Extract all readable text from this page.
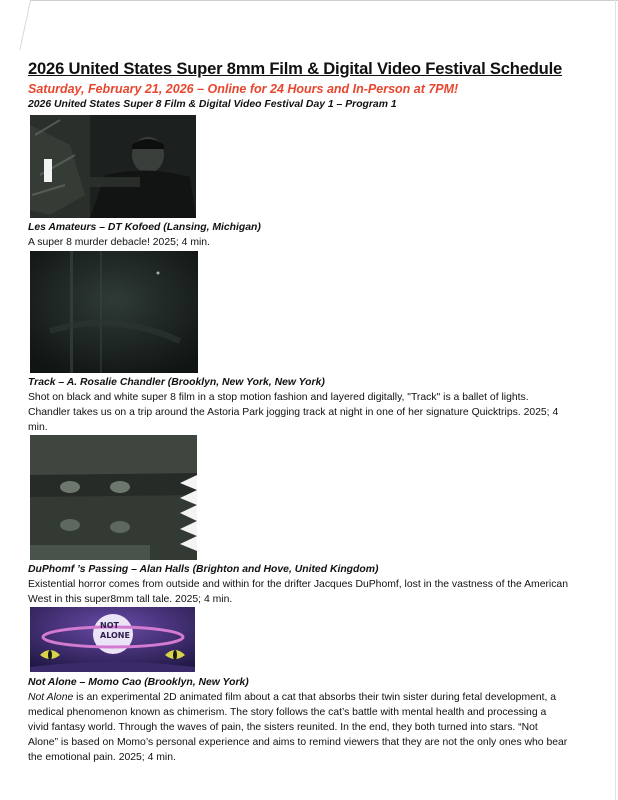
2026 United States Super 8mm Film & Digital Video Festival Schedule
Saturday, February 21, 2026 – Online for 24 Hours and In-Person at 7PM!
2026 United States Super 8 Film & Digital Video Festival Day 1 – Program 1
Les Amateurs – DT Kofoed (Lansing, Michigan)
A super 8 murder debacle! 2025; 4 min.
Track – A. Rosalie Chandler (Brooklyn, New York, New York)
Shot on black and white super 8 film in a stop motion fashion and layered digitally, "Track" is a ballet of lights. Chandler takes us on a trip around the Astoria Park jogging track at night in one of her signature Quicktrips. 2025; 4 min.
DuPhomf ’s Passing – Alan Halls (Brighton and Hove, United Kingdom)
Existential horror comes from outside and within for the drifter Jacques DuPhomf, lost in the vastness of the American West in this super8mm tall tale. 2025; 4 min.
NOT
ALONE
Not Alone – Momo Cao (Brooklyn, New York)
Not Alone is an experimental 2D animated film about a cat that absorbs their twin sister during fetal development, a medical phenomenon known as chimerism. The story follows the cat’s battle with mental health and processing a vivid fantasy world. Through the waves of pain, the sisters reunited. In the end, they both turned into stars. “Not Alone” is based on Momo’s personal experience and aims to remind viewers that they are not the only ones who bear the emotional pain. 2025; 4 min.
